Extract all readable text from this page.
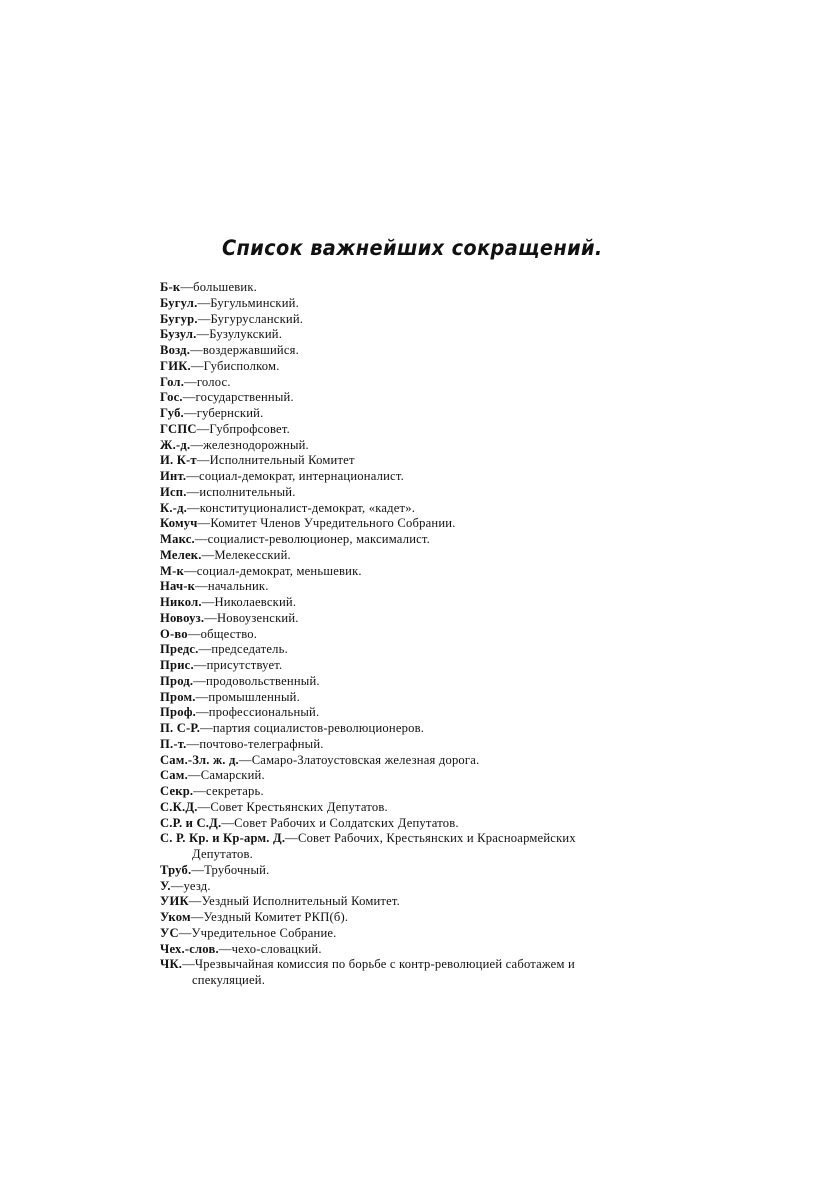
Список важнейших сокращений.
Б-к—большевик.
Бугул.—Бугульминский.
Бугур.—Бугурусланский.
Бузул.—Бузулукский.
Возд.—воздержавшийся.
ГИК.—Губисполком.
Гол.—голос.
Гос.—государственный.
Губ.—губернский.
ГСПС—Губпрофсовет.
Ж.-д.—железнодорожный.
И. К-т—Исполнительный Комитет
Инт.—социал-демократ, интернационалист.
Исп.—исполнительный.
К.-д.—конституционалист-демократ, «кадет».
Комуч—Комитет Членов Учредительного Собрании.
Макс.—социалист-революционер, максималист.
Мелек.—Мелекесский.
М-к—социал-демократ, меньшевик.
Нач-к—начальник.
Никол.—Николаевский.
Новоуз.—Новоузенский.
О-во—общество.
Предс.—председатель.
Прис.—присутствует.
Прод.—продовольственный.
Пром.—промышленный.
Проф.—профессиональный.
П. С-Р.—партия социалистов-революционеров.
П.-т.—почтово-телеграфный.
Сам.-Зл. ж. д.—Самаро-Златоустовская железная дорога.
Сам.—Самарский.
Секр.—секретарь.
С.К.Д.—Совет Крестьянских Депутатов.
С.Р. и С.Д.—Совет Рабочих и Солдатских Депутатов.
С. Р. Кр. и Кр-арм. Д.—Совет Рабочих, Крестьянских и Красноармейских Депутатов.
Труб.—Трубочный.
У.—уезд.
УИК—Уездный Исполнительный Комитет.
Уком—Уездный Комитет РКП(б).
УС—Учредительное Собрание.
Чех.-слов.—чехо-словацкий.
ЧК.—Чрезвычайная комиссия по борьбе с контр-революцией саботажем и спекуляцией.
